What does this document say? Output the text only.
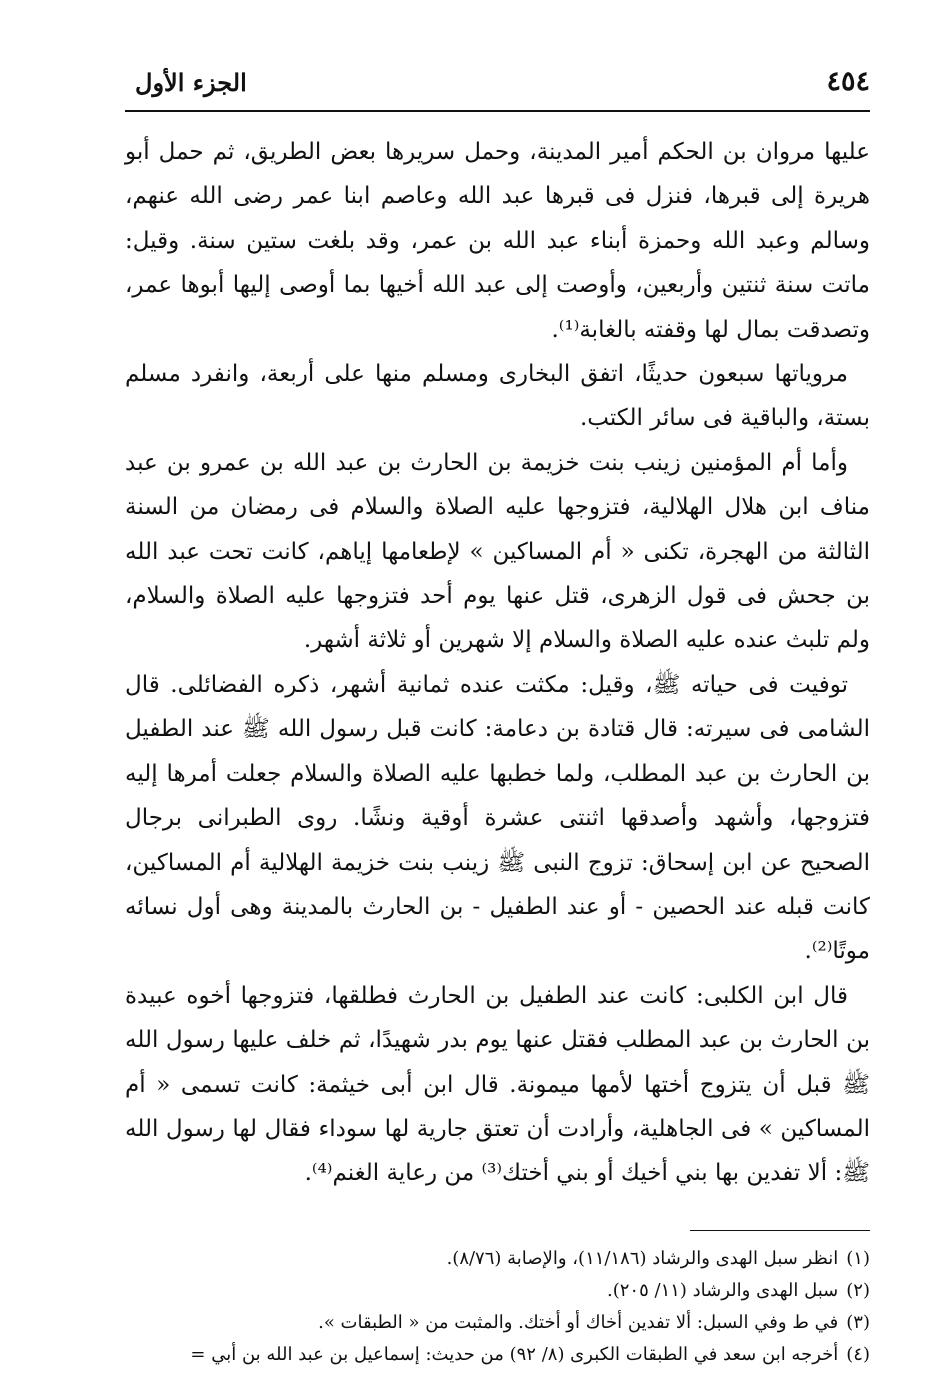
٤٥٤
الجزء الأول

عليها مروان بن الحكم أمير المدينة، وحمل سريرها بعض الطريق، ثم حمل أبو هريرة إلى قبرها، فنزل فى قبرها عبد الله وعاصم ابنا عمر رضى الله عنهم، وسالم وعبد الله وحمزة أبناء عبد الله بن عمر، وقد بلغت ستين سنة. وقيل: ماتت سنة ثنتين وأربعين، وأوصت إلى عبد الله أخيها بما أوصى إليها أبوها عمر، وتصدقت بمال لها وقفته بالغابة⁽¹⁾.

مروياتها سبعون حديثًا، اتفق البخارى ومسلم منها على أربعة، وانفرد مسلم بستة، والباقية فى سائر الكتب.

وأما أم المؤمنين زينب بنت خزيمة بن الحارث بن عبد الله بن عمرو بن عبد مناف ابن هلال الهلالية، فتزوجها عليه الصلاة والسلام فى رمضان من السنة الثالثة من الهجرة، تكنى « أم المساكين » لإطعامها إياهم، كانت تحت عبد الله بن جحش فى قول الزهرى، قتل عنها يوم أحد فتزوجها عليه الصلاة والسلام، ولم تلبث عنده عليه الصلاة والسلام إلا شهرين أو ثلاثة أشهر.

توفيت فى حياته ﷺ، وقيل: مكثت عنده ثمانية أشهر، ذكره الفضائلى. قال الشامى فى سيرته: قال قتادة بن دعامة: كانت قبل رسول الله ﷺ عند الطفيل بن الحارث بن عبد المطلب، ولما خطبها عليه الصلاة والسلام جعلت أمرها إليه فتزوجها، وأشهد وأصدقها اثنتى عشرة أوقية ونشًا. روى الطبرانى برجال الصحيح عن ابن إسحاق: تزوج النبى ﷺ زينب بنت خزيمة الهلالية أم المساكين، كانت قبله عند الحصين - أو عند الطفيل - بن الحارث بالمدينة وهى أول نسائه موتًا⁽²⁾.

قال ابن الكلبى: كانت عند الطفيل بن الحارث فطلقها، فتزوجها أخوه عبيدة بن الحارث بن عبد المطلب فقتل عنها يوم بدر شهيدًا، ثم خلف عليها رسول الله ﷺ قبل أن يتزوج أختها لأمها ميمونة. قال ابن أبى خيثمة: كانت تسمى « أم المساكين » فى الجاهلية، وأرادت أن تعتق جارية لها سوداء فقال لها رسول الله ﷺ: ألا تفدين بها بني أخيك أو بني أختك⁽³⁾ من رعاية الغنم⁽⁴⁾.

(١) انظر سبل الهدى والرشاد (١١/١٨٦)، والإصابة (٨/٧٦).
(٢) سبل الهدى والرشاد (١١/ ٢٠٥).
(٣) في ط وفي السبل: ألا تفدين أخاك أو أختك. والمثبت من « الطبقات ».
(٤) أخرجه ابن سعد في الطبقات الكبرى (٨/ ٩٢) من حديث: إسماعيل بن عبد الله بن أبي =
